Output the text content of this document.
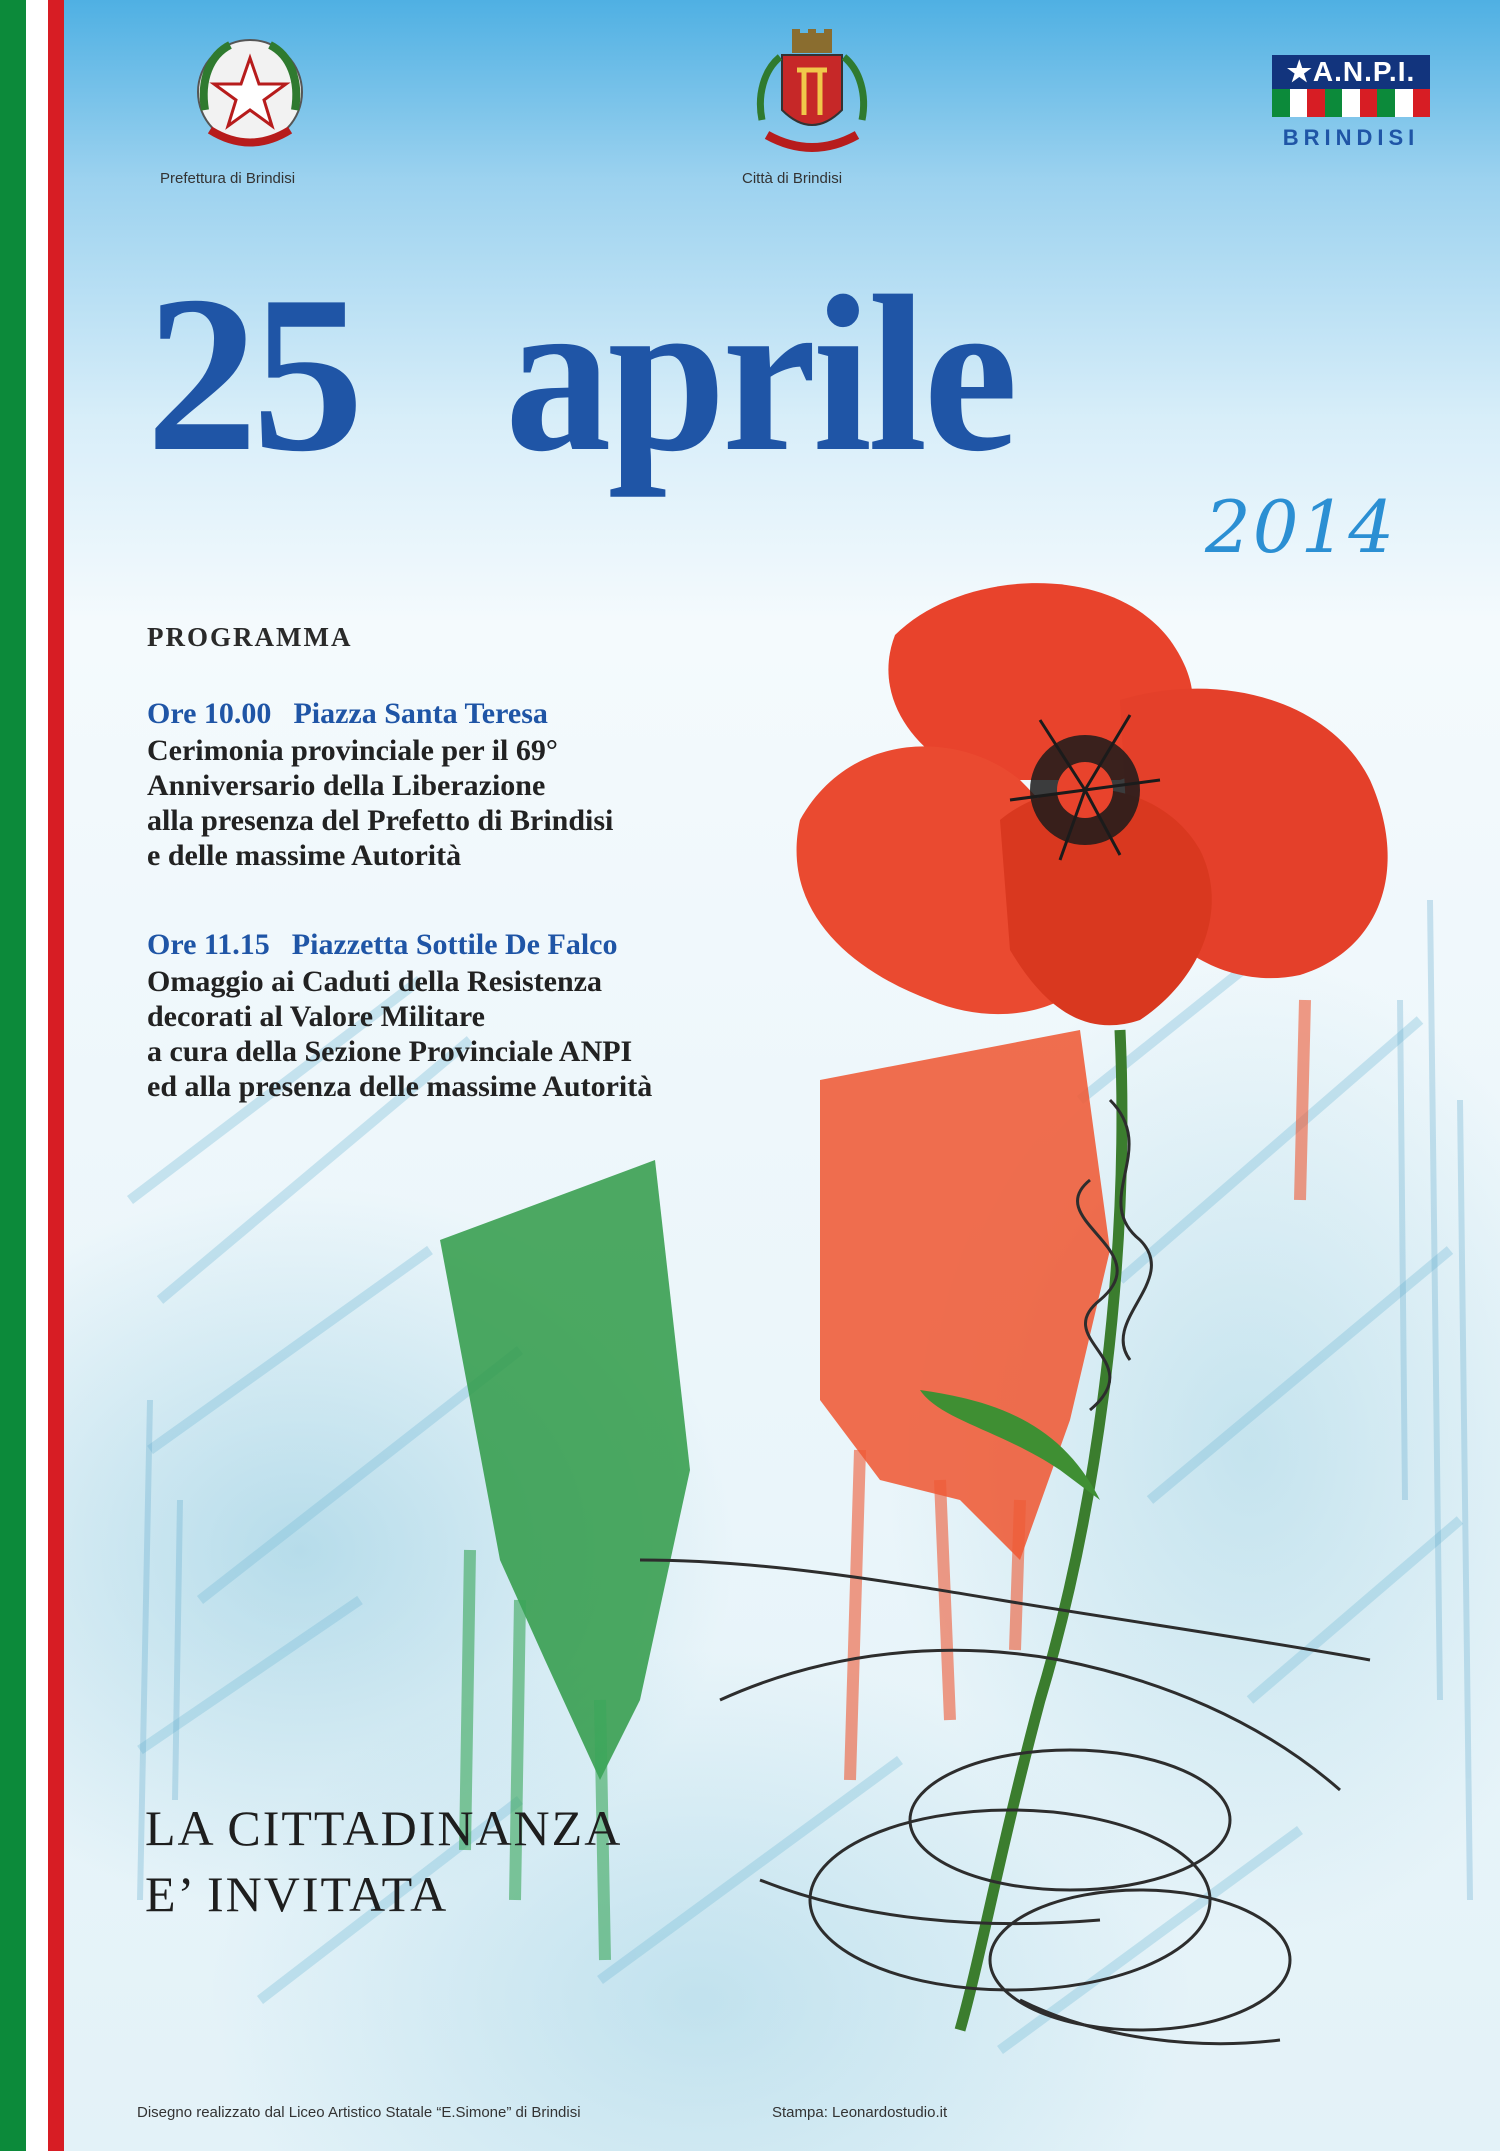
Prefettura di Brindisi	Città di Brindisi
★A.N.P.I.
BRINDISI
25 aprile
2014
PROGRAMMA
Ore 10.00 Piazza Santa Teresa
Cerimonia provinciale per il 69°
Anniversario della Liberazione
alla presenza del Prefetto di Brindisi
e delle massime Autorità
Ore 11.15 Piazzetta Sottile De Falco
Omaggio ai Caduti della Resistenza
decorati al Valore Militare
a cura della Sezione Provinciale ANPI
ed alla presenza delle massime Autorità
LA CITTADINANZA
E’ INVITATA
Disegno realizzato dal Liceo Artistico Statale “E.Simone” di Brindisi	Stampa: Leonardostudio.it
